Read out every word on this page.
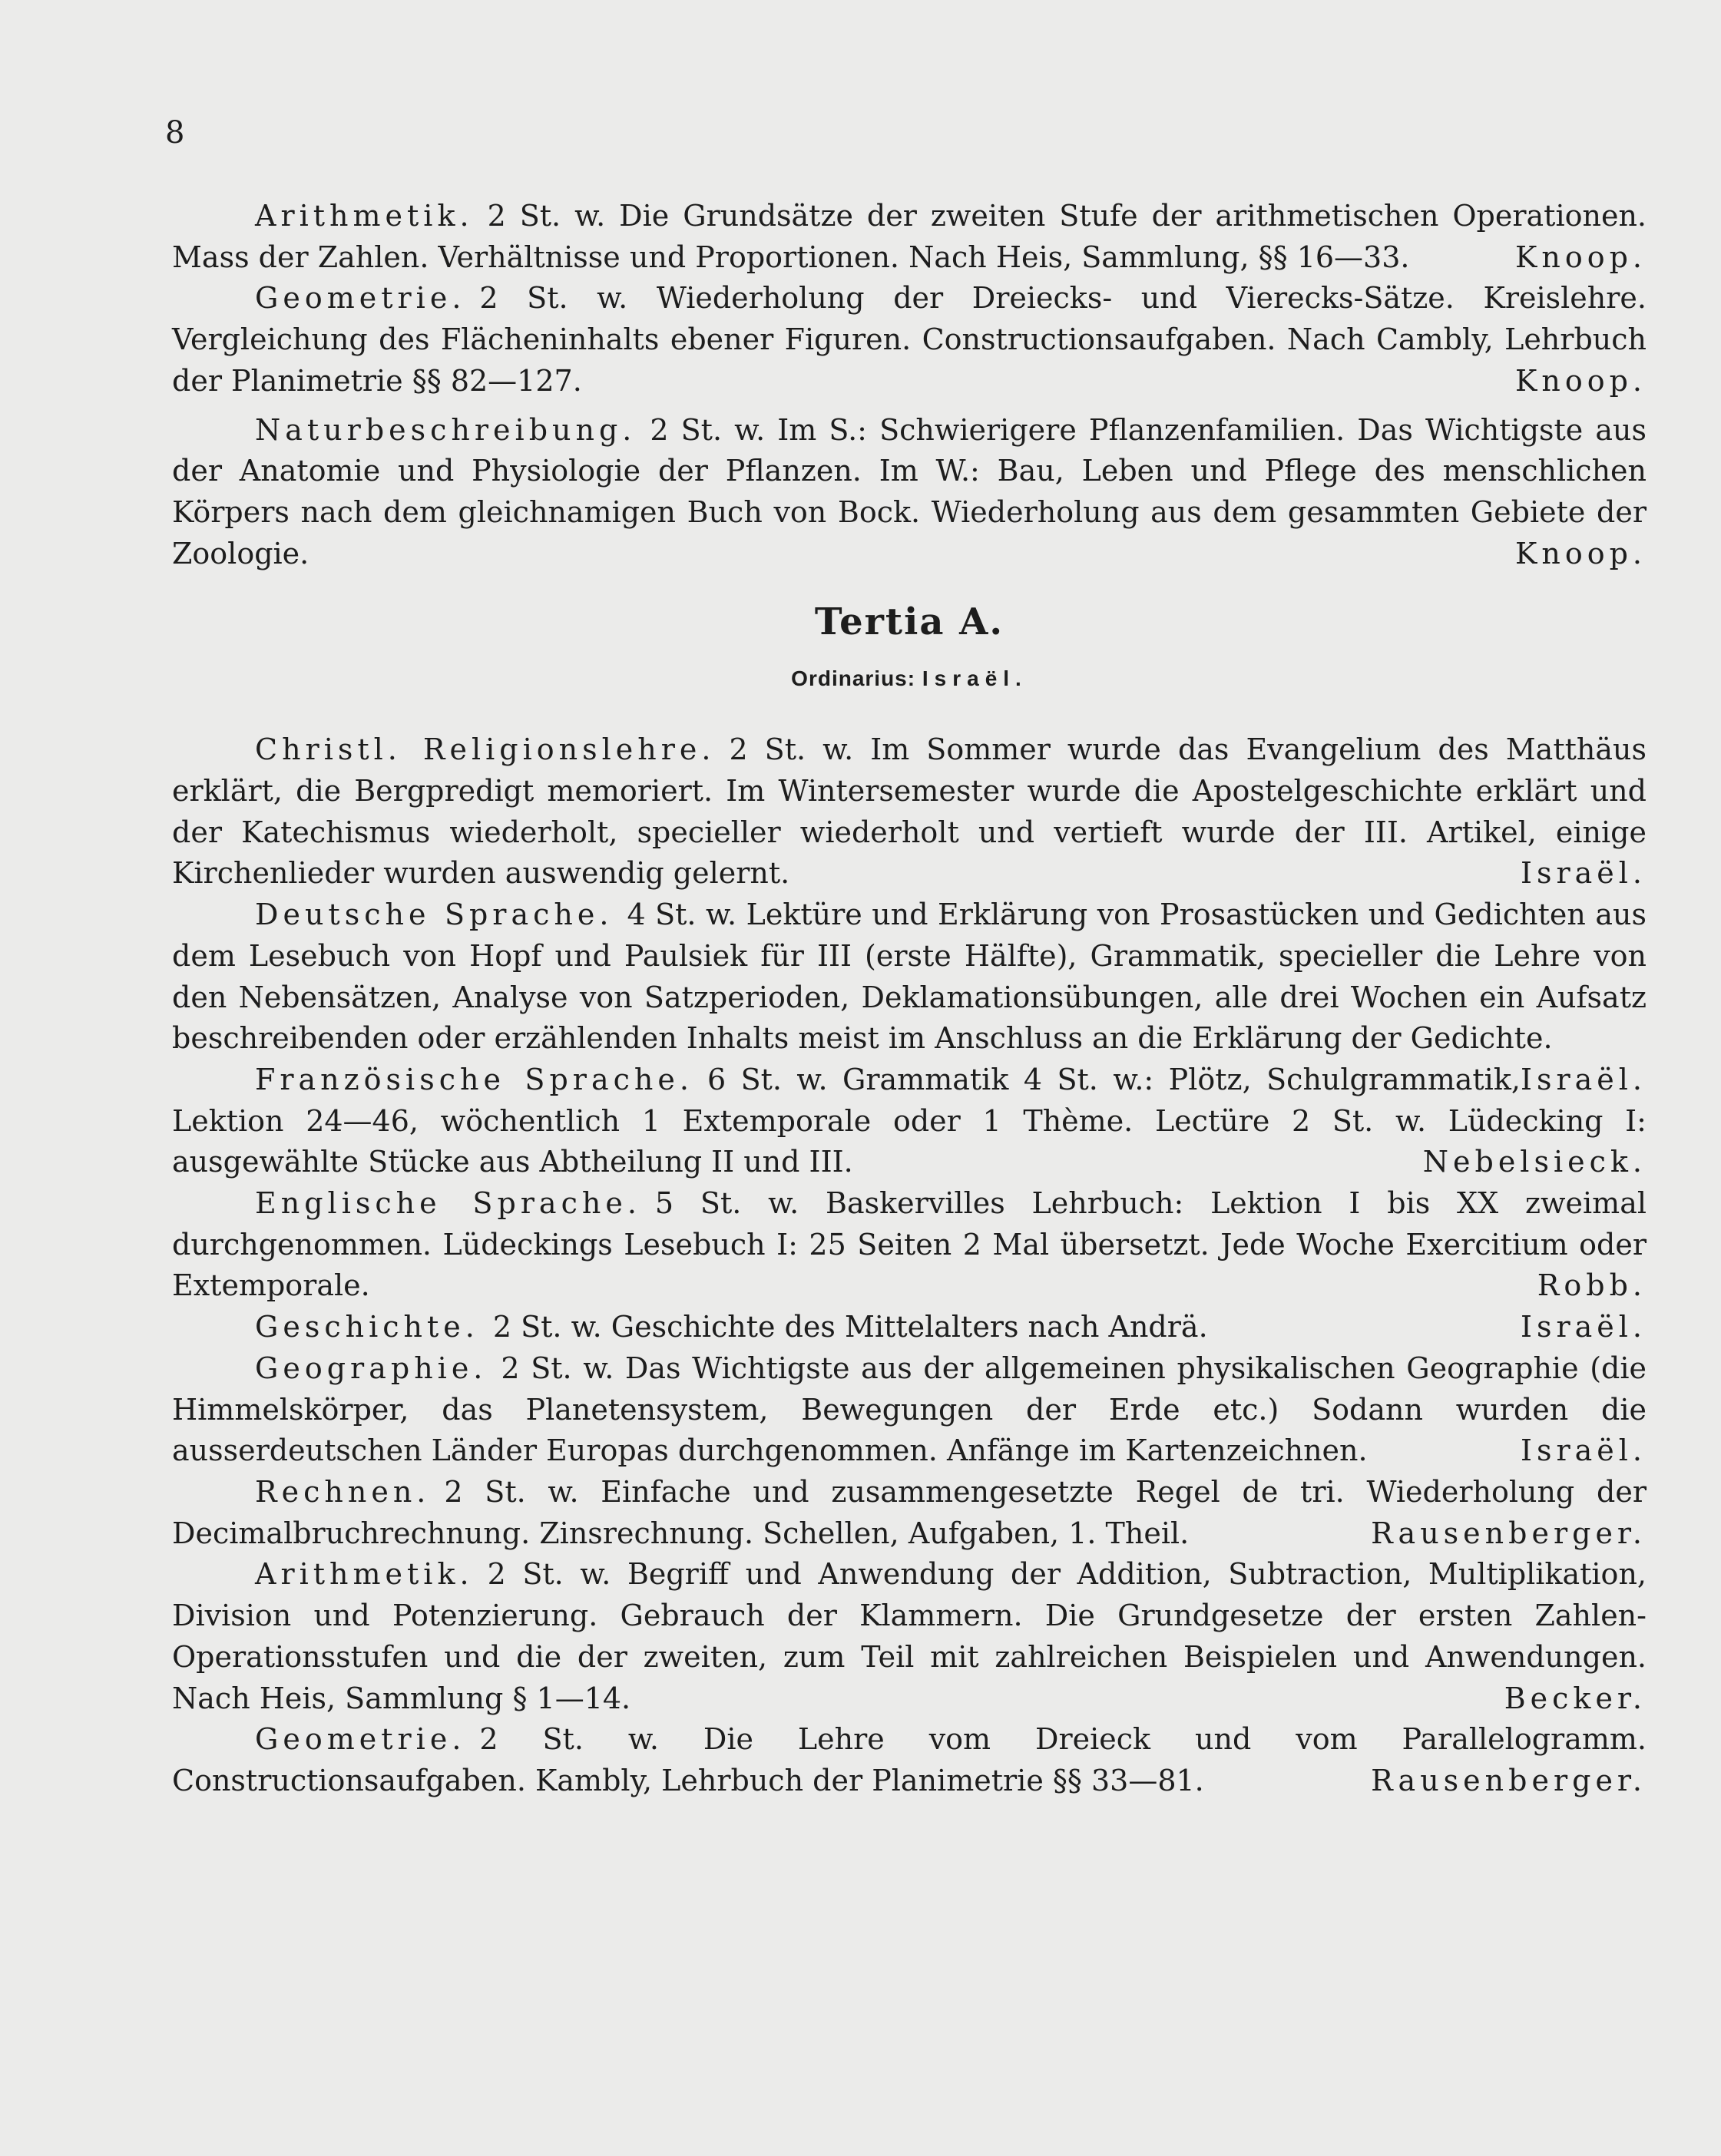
8

Arithmetik. 2 St. w. Die Grundsätze der zweiten Stufe der arithmetischen Operationen. Mass der Zahlen. Verhältnisse und Proportionen. Nach Heis, Sammlung, §§ 16—33.	Knoop.

Geometrie. 2 St. w. Wiederholung der Dreiecks- und Vierecks-Sätze. Kreislehre. Vergleichung des Flächeninhalts ebener Figuren. Constructionsaufgaben. Nach Cambly, Lehrbuch der Planimetrie §§ 82—127.	Knoop.

Naturbeschreibung. 2 St. w. Im S.: Schwierigere Pflanzenfamilien. Das Wichtigste aus der Anatomie und Physiologie der Pflanzen. Im W.: Bau, Leben und Pflege des menschlichen Körpers nach dem gleichnamigen Buch von Bock. Wiederholung aus dem gesammten Gebiete der Zoologie.	Knoop.

Tertia A.
Ordinarius: Israël.

Christl. Religionslehre. 2 St. w. Im Sommer wurde das Evangelium des Matthäus erklärt, die Bergpredigt memoriert. Im Wintersemester wurde die Apostelgeschichte erklärt und der Katechismus wiederholt, specieller wiederholt und vertieft wurde der III. Artikel, einige Kirchenlieder wurden auswendig gelernt.	Israël.

Deutsche Sprache. 4 St. w. Lektüre und Erklärung von Prosastücken und Gedichten aus dem Lesebuch von Hopf und Paulsiek für III (erste Hälfte), Grammatik, specieller die Lehre von den Nebensätzen, Analyse von Satzperioden, Deklamationsübungen, alle drei Wochen ein Aufsatz beschreibenden oder erzählenden Inhalts meist im Anschluss an die Erklärung der Gedichte.
Israël.

Französische Sprache. 6 St. w. Grammatik 4 St. w.: Plötz, Schulgrammatik, Lektion 24—46, wöchentlich 1 Extemporale oder 1 Thème. Lectüre 2 St. w. Lüdecking I: ausgewählte Stücke aus Abtheilung II und III.	Nebelsieck.

Englische Sprache. 5 St. w. Baskervilles Lehrbuch: Lektion I bis XX zweimal durchgenommen. Lüdeckings Lesebuch I: 25 Seiten 2 Mal übersetzt. Jede Woche Exercitium oder Extemporale.	Robb.

Geschichte. 2 St. w. Geschichte des Mittelalters nach Andrä.	Israël.

Geographie. 2 St. w. Das Wichtigste aus der allgemeinen physikalischen Geographie (die Himmelskörper, das Planetensystem, Bewegungen der Erde etc.) Sodann wurden die ausserdeutschen Länder Europas durchgenommen. Anfänge im Kartenzeichnen.	Israël.

Rechnen. 2 St. w. Einfache und zusammengesetzte Regel de tri. Wiederholung der Decimalbruchrechnung. Zinsrechnung. Schellen, Aufgaben, 1. Theil.	Rausenberger.

Arithmetik. 2 St. w. Begriff und Anwendung der Addition, Subtraction, Multiplikation, Division und Potenzierung. Gebrauch der Klammern. Die Grundgesetze der ersten Zahlen-Operationsstufen und die der zweiten, zum Teil mit zahlreichen Beispielen und Anwendungen. Nach Heis, Sammlung § 1—14.	Becker.

Geometrie. 2 St. w. Die Lehre vom Dreieck und vom Parallelogramm. Constructionsaufgaben. Kambly, Lehrbuch der Planimetrie §§ 33—81.	Rausenberger.
